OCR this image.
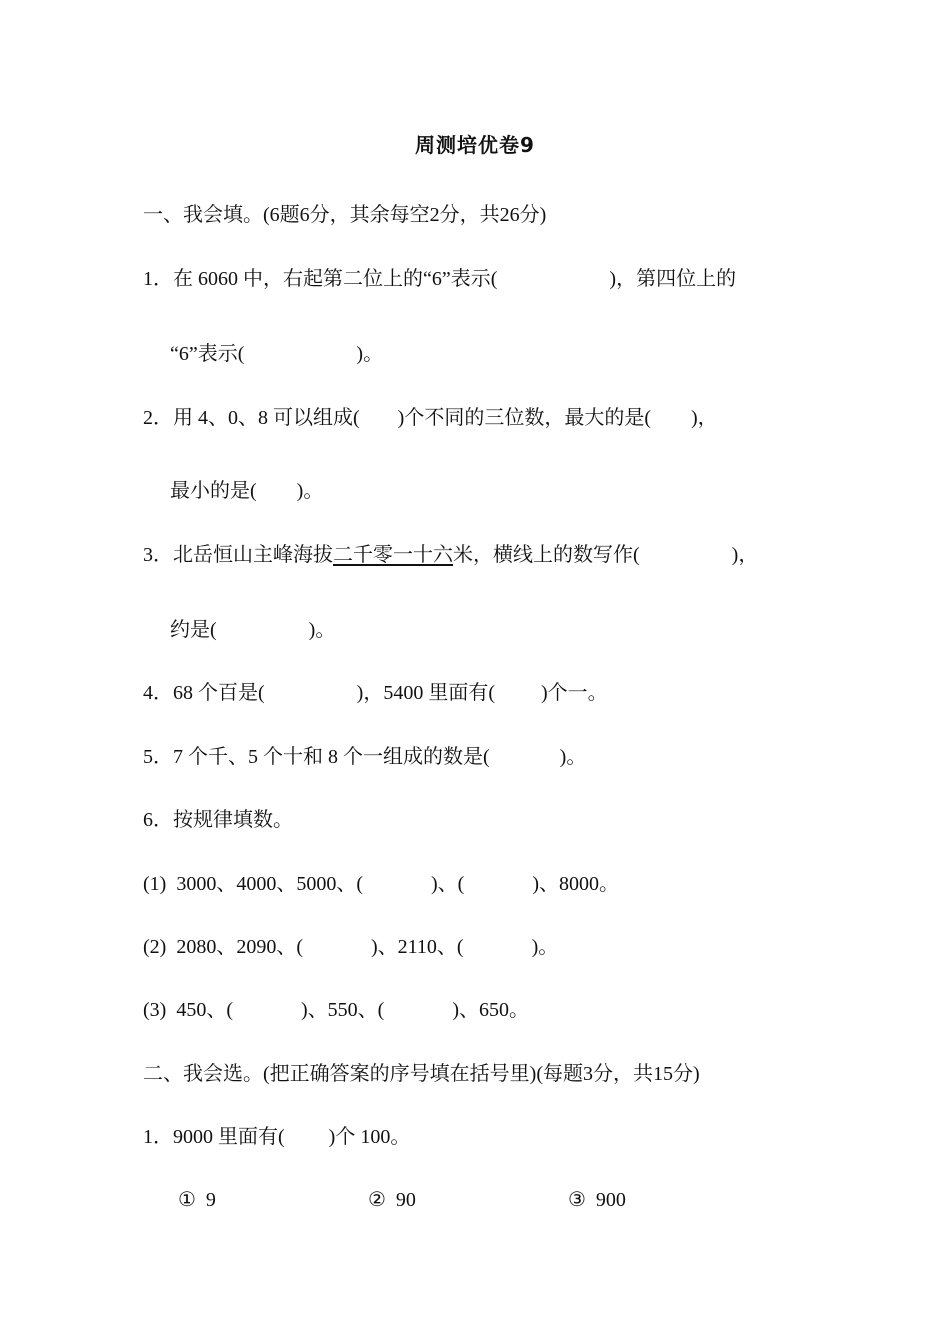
周测培优卷9
一、我会填。(6题6分，其余每空2分，共26分)
1．在 6060 中，右起第二位上的“6”表示(	)，第四位上的
“6”表示(	)。
2．用 4、0、8 可以组成( )个不同的三位数，最大的是( )，
最小的是( )。
3．北岳恒山主峰海拔二千零一十六米，横线上的数写作(	)，
约是(	)。
4．68 个百是(	)，5400 里面有( )个一。
5．7 个千、5 个十和 8 个一组成的数是(	)。
6．按规律填数。
(1)  3000、4000、5000、(	)、(	)、8000。
(2)  2080、2090、(	)、2110、(	)。
(3)  450、(	)、550、(	)、650。
二、我会选。(把正确答案的序号填在括号里)(每题3分，共15分)
1．9000 里面有( )个 100。
①  9	②  90	③  900
